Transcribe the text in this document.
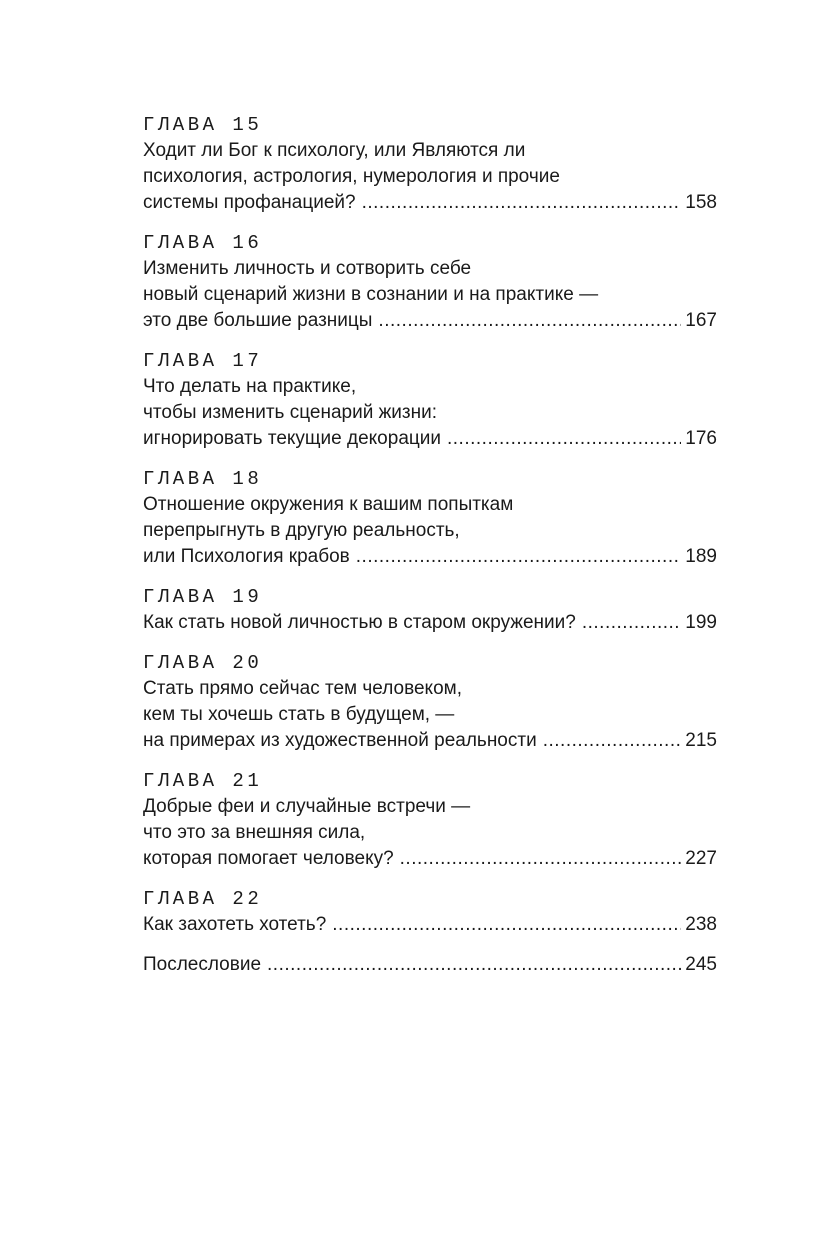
ГЛАВА 15
Ходит ли Бог к психологу, или Являются ли
психология, астрология, нумерология и прочие
системы профанацией? .....	158
ГЛАВА 16
Изменить личность и сотворить себе
новый сценарий жизни в сознании и на практике —
это две большие разницы .....	167
ГЛАВА 17
Что делать на практике,
чтобы изменить сценарий жизни:
игнорировать текущие декорации .....	176
ГЛАВА 18
Отношение окружения к вашим попыткам
перепрыгнуть в другую реальность,
или Психология крабов .....	189
ГЛАВА 19
Как стать новой личностью в старом окружении? .....	199
ГЛАВА 20
Стать прямо сейчас тем человеком,
кем ты хочешь стать в будущем, —
на примерах из художественной реальности .....	215
ГЛАВА 21
Добрые феи и случайные встречи —
что это за внешняя сила,
которая помогает человеку? .....	227
ГЛАВА 22
Как захотеть хотеть? .....	238
Послесловие .....	245
